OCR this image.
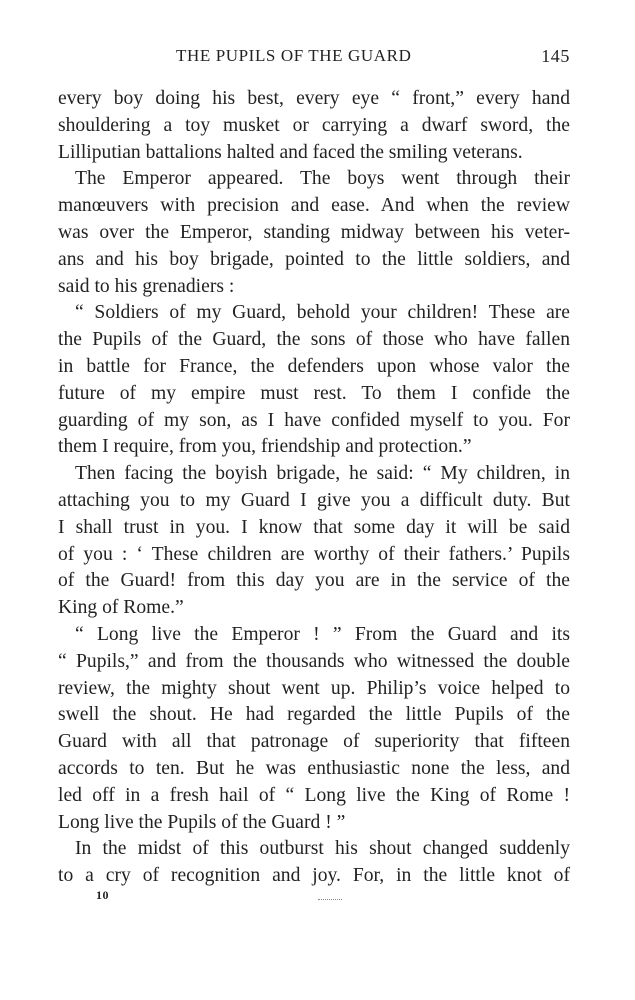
THE PUPILS OF THE GUARD	145
every boy doing his best, every eye “ front,” every hand
shouldering a toy musket or carrying a dwarf sword, the
Lilliputian battalions halted and faced the smiling veterans.
The Emperor appeared. The boys went through their
manœuvers with precision and ease. And when the review
was over the Emperor, standing midway between his veter-
ans and his boy brigade, pointed to the little soldiers, and
said to his grenadiers :
“ Soldiers of my Guard, behold your children! These are
the Pupils of the Guard, the sons of those who have fallen
in battle for France, the defenders upon whose valor the
future of my empire must rest. To them I confide the
guarding of my son, as I have confided myself to you. For
them I require, from you, friendship and protection.”
Then facing the boyish brigade, he said: “ My children, in
attaching you to my Guard I give you a difficult duty. But
I shall trust in you. I know that some day it will be said
of you : ‘ These children are worthy of their fathers.’ Pupils
of the Guard! from this day you are in the service of the
King of Rome.”
“ Long live the Emperor ! ” From the Guard and its
“ Pupils,” and from the thousands who witnessed the double
review, the mighty shout went up. Philip’s voice helped to
swell the shout. He had regarded the little Pupils of the
Guard with all that patronage of superiority that fifteen
accords to ten. But he was enthusiastic none the less, and
led off in a fresh hail of “ Long live the King of Rome !
Long live the Pupils of the Guard ! ”
In the midst of this outburst his shout changed suddenly
to a cry of recognition and joy. For, in the little knot of
10
